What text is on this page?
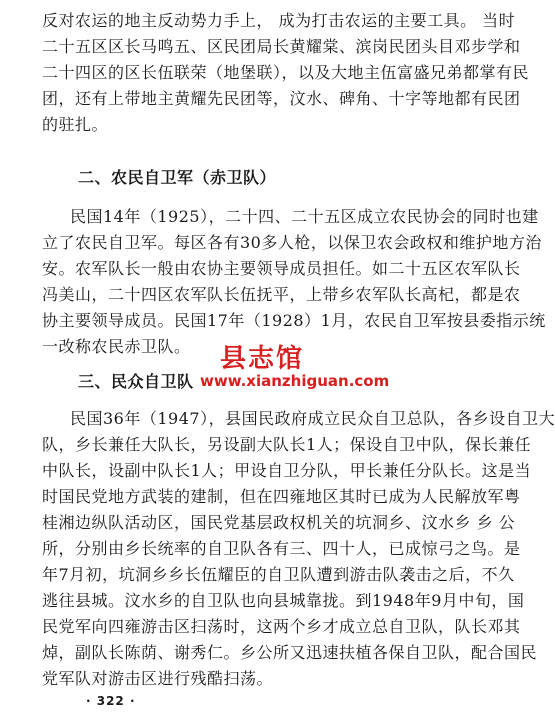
反对农运的地主反动势力手上， 成为打击农运的主要工具。 当时
二十五区区长马鸣五、区民团局长黄耀棠、滨岗民团头目邓步学和
二十四区的区长伍联荣（地堡联），以及大地主伍富盛兄弟都掌有民
团，还有上带地主黄耀先民团等，汶水、碑角、十字等地都有民团
的驻扎。
二、农民自卫军（赤卫队）
民国14年（1925），二十四、二十五区成立农民协会的同时也建
立了农民自卫军。每区各有30多人枪，以保卫农会政权和维护地方治
安。农军队长一般由农协主要领导成员担任。如二十五区农军队长
冯美山，二十四区农军队长伍抚平，上带乡农军队长高杞，都是农
协主要领导成员。民国17年（1928）1月，农民自卫军按县委指示统
一改称农民赤卫队。
三、民众自卫队
民国36年（1947），县国民政府成立民众自卫总队，各乡设自卫大
队，乡长兼任大队长，另设副大队长1人；保设自卫中队，保长兼任
中队长，设副中队长1人；甲设自卫分队，甲长兼任分队长。这是当
时国民党地方武装的建制，但在四雍地区其时已成为人民解放军粤
桂湘边纵队活动区，国民党基层政权机关的坑洞乡、汶水乡 乡 公
所，分别由乡长统率的自卫队各有三、四十人，已成惊弓之鸟。是
年7月初，坑洞乡乡长伍耀臣的自卫队遭到游击队袭击之后，不久
逃往县城。汶水乡的自卫队也向县城靠拢。到1948年9月中旬，国
民党军向四雍游击区扫荡时，这两个乡才成立总自卫队，队长邓其
焯，副队长陈荫、谢秀仁。乡公所又迅速扶植各保自卫队，配合国民
党军队对游击区进行残酷扫荡。
· 322 ·
县志馆
www.xianzhiguan.com
